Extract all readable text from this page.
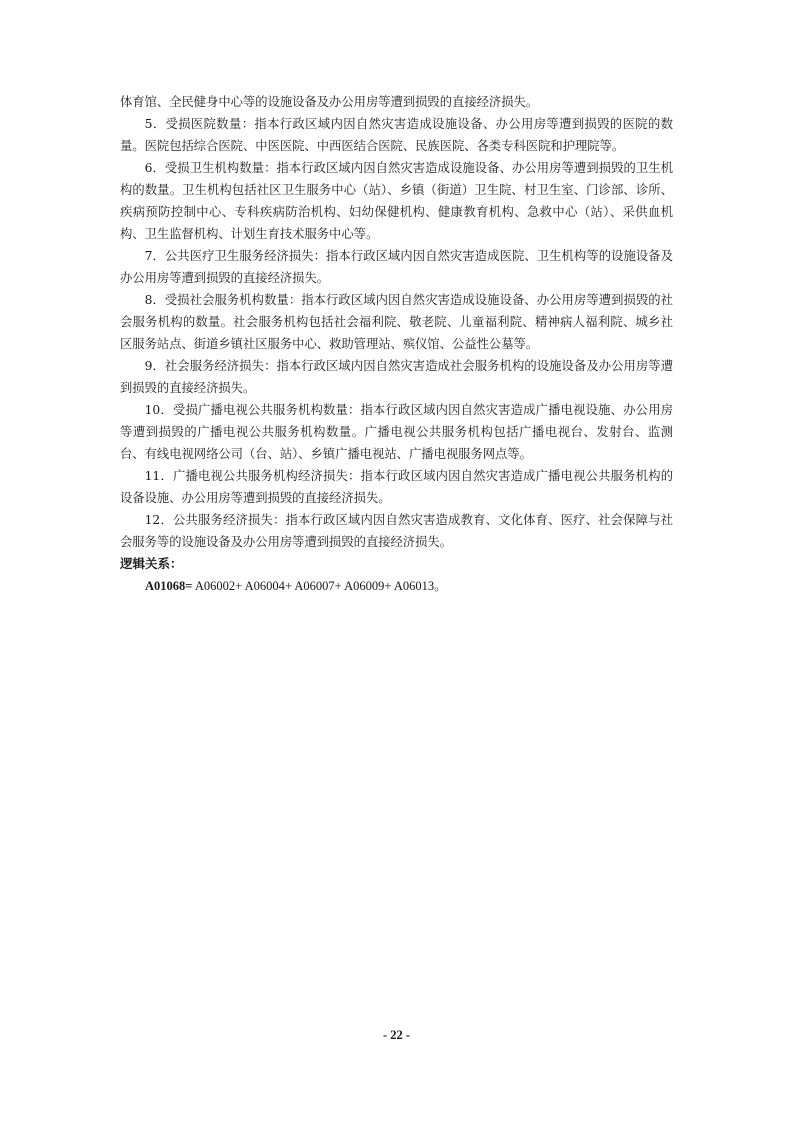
体育馆、全民健身中心等的设施设备及办公用房等遭到损毁的直接经济损失。

5．受损医院数量：指本行政区域内因自然灾害造成设施设备、办公用房等遭到损毁的医院的数量。医院包括综合医院、中医医院、中西医结合医院、民族医院、各类专科医院和护理院等。

6．受损卫生机构数量：指本行政区域内因自然灾害造成设施设备、办公用房等遭到损毁的卫生机构的数量。卫生机构包括社区卫生服务中心（站）、乡镇（街道）卫生院、村卫生室、门诊部、诊所、疾病预防控制中心、专科疾病防治机构、妇幼保健机构、健康教育机构、急救中心（站）、采供血机构、卫生监督机构、计划生育技术服务中心等。

7．公共医疗卫生服务经济损失：指本行政区域内因自然灾害造成医院、卫生机构等的设施设备及办公用房等遭到损毁的直接经济损失。

8．受损社会服务机构数量：指本行政区域内因自然灾害造成设施设备、办公用房等遭到损毁的社会服务机构的数量。社会服务机构包括社会福利院、敬老院、儿童福利院、精神病人福利院、城乡社区服务站点、街道乡镇社区服务中心、救助管理站、殡仪馆、公益性公墓等。

9．社会服务经济损失：指本行政区域内因自然灾害造成社会服务机构的设施设备及办公用房等遭到损毁的直接经济损失。

10．受损广播电视公共服务机构数量：指本行政区域内因自然灾害造成广播电视设施、办公用房等遭到损毁的广播电视公共服务机构数量。广播电视公共服务机构包括广播电视台、发射台、监测台、有线电视网络公司（台、站）、乡镇广播电视站、广播电视服务网点等。

11．广播电视公共服务机构经济损失：指本行政区域内因自然灾害造成广播电视公共服务机构的设备设施、办公用房等遭到损毁的直接经济损失。

12．公共服务经济损失：指本行政区域内因自然灾害造成教育、文化体育、医疗、社会保障与社会服务等的设施设备及办公用房等遭到损毁的直接经济损失。

逻辑关系：

A01068= A06002+ A06004+ A06007+ A06009+ A06013。

- 22 -
